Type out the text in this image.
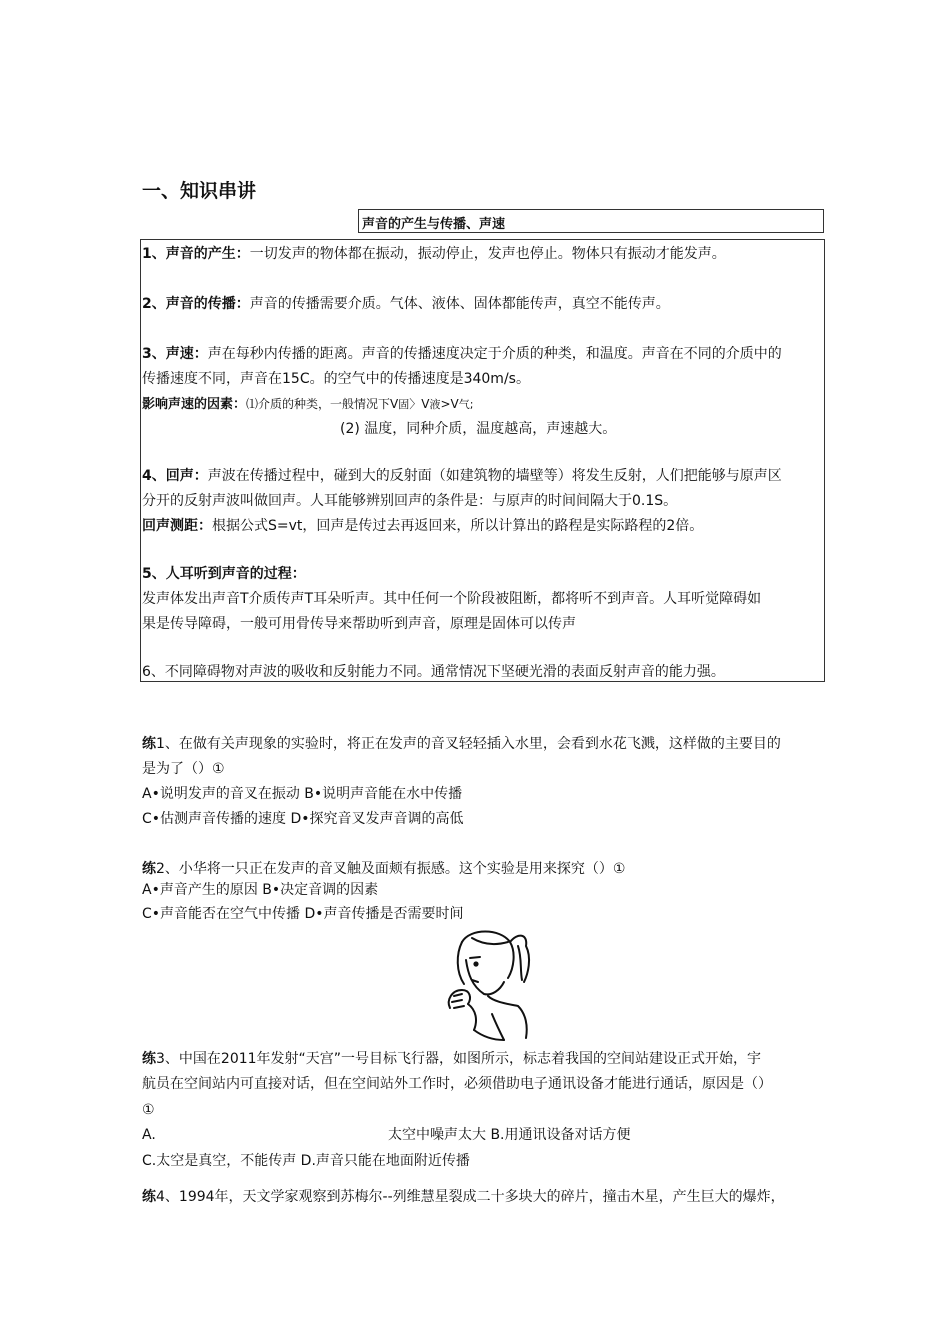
一、知识串讲
声音的产生与传播、声速
1、声音的产生：一切发声的物体都在振动，振动停止，发声也停止。物体只有振动才能发声。
2、声音的传播：声音的传播需要介质。气体、液体、固体都能传声，真空不能传声。
3、声速：声在每秒内传播的距离。声音的传播速度决定于介质的种类，和温度。声音在不同的介质中的
传播速度不同，声音在15C。的空气中的传播速度是340m/s。
影响声速的因素：⑴介质的种类，一般情况下V固〉V液>V气;
(2) 温度，同种介质，温度越高，声速越大。
4、回声：声波在传播过程中，碰到大的反射面（如建筑物的墙壁等）将发生反射，人们把能够与原声区
分开的反射声波叫做回声。人耳能够辨别回声的条件是：与原声的时间间隔大于0.1S。
回声测距：根据公式S=vt，回声是传过去再返回来，所以计算出的路程是实际路程的2倍。
5、人耳听到声音的过程：
发声体发出声音T介质传声T耳朵听声。其中任何一个阶段被阻断，都将听不到声音。人耳听觉障碍如
果是传导障碍，一般可用骨传导来帮助听到声音，原理是固体可以传声
6、不同障碍物对声波的吸收和反射能力不同。通常情况下坚硬光滑的表面反射声音的能力强。
练1、在做有关声现象的实验时，将正在发声的音叉轻轻插入水里，会看到水花飞溅，这样做的主要目的
是为了（）①
A•说明发声的音叉在振动 B•说明声音能在水中传播
C•估测声音传播的速度 D•探究音叉发声音调的高低
练2、小华将一只正在发声的音叉触及面颊有振感。这个实验是用来探究（）①
A•声音产生的原因 B•决定音调的因素
C•声音能否在空气中传播 D•声音传播是否需要时间
练3、中国在2011年发射“天宫”一号目标飞行器，如图所示，标志着我国的空间站建设正式开始，宇
航员在空间站内可直接对话，但在空间站外工作时，必须借助电子通讯设备才能进行通话，原因是（）
①
A.	太空中噪声太大 B.用通讯设备对话方便
C.太空是真空，不能传声 D.声音只能在地面附近传播
练4、1994年，天文学家观察到苏梅尔--列维慧星裂成二十多块大的碎片，撞击木星，产生巨大的爆炸，
